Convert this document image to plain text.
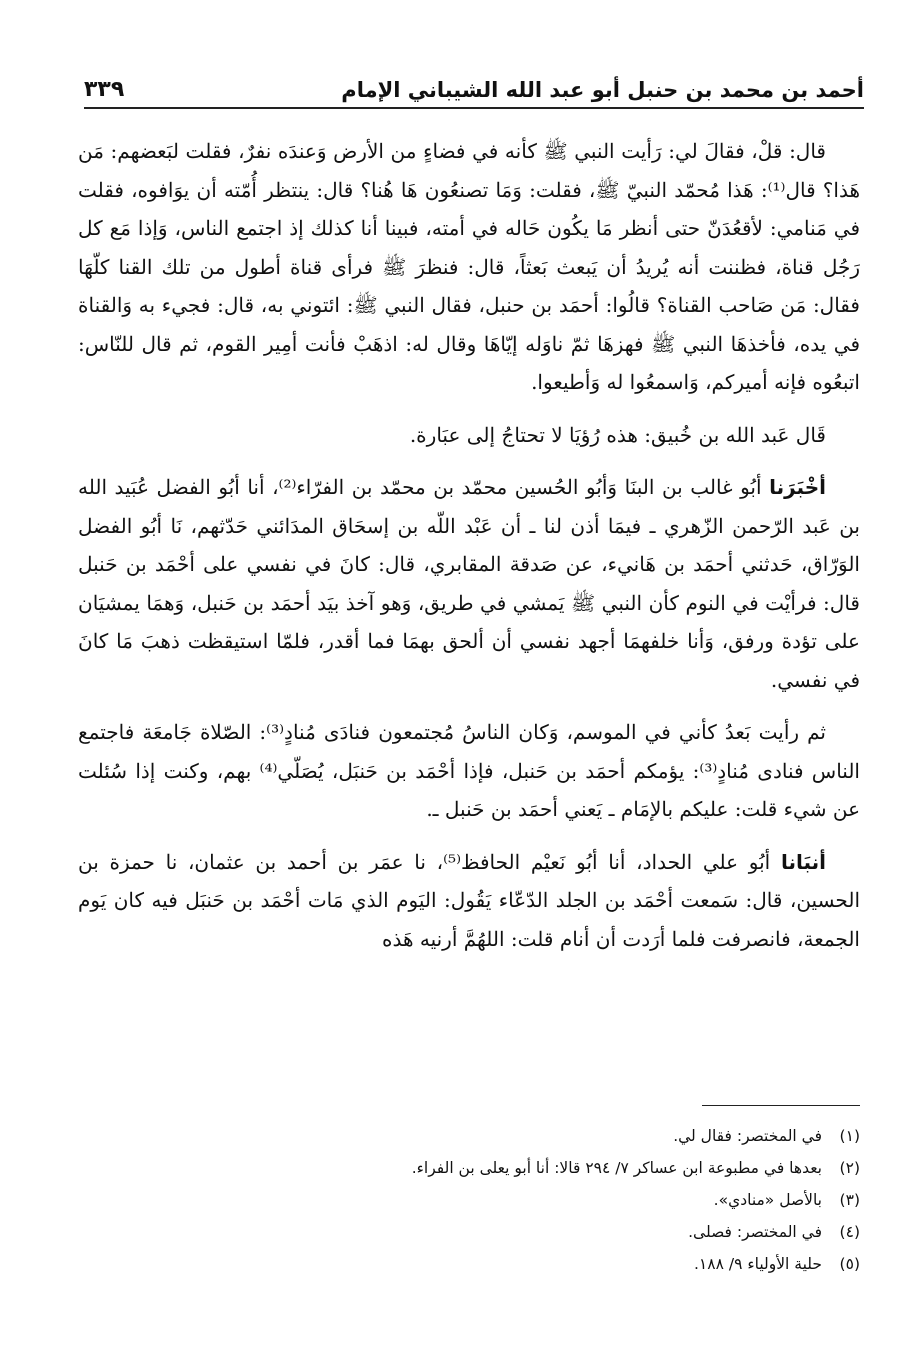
٣٣٩	أحمد بن محمد بن حنبل أبو عبد الله الشيباني الإمام

قال: قلْ، فقالَ لي: رَأيت النبي ﷺ كأنه في فضاءٍ من الأرض وَعندَه نفرٌ، فقلت لبَعضهم: مَن هَذا؟ قال⁽¹⁾: هَذا مُحمّد النبيّ ﷺ، فقلت: وَمَا تصنعُون هَا هُنا؟ قال: ينتظر أُمّته أن يوَافوه، فقلت في مَنامي: لأقعُدَنّ حتى أنظر مَا يكُون حَاله في أمته، فبينا أنا كذلك إذ اجتمع الناس، وَإذا مَع كل رَجُل قناة، فظننت أنه يُريدُ أن يَبعث بَعثاً، قال: فنظرَ ﷺ فرأى قناة أطول من تلك القنا كلّهَا فقال: مَن صَاحب القناة؟ قالُوا: أحمَد بن حنبل، فقال النبي ﷺ: ائتوني به، قال: فجيء به وَالقناة في يده، فأخذهَا النبي ﷺ فهزهَا ثمّ ناوَله إيّاهَا وقال له: اذهَبْ فأنت أمِير القوم، ثم قال للنّاس: اتبعُوه فإنه أميركم، وَاسمعُوا له وَأطيعوا.

قَال عَبد الله بن خُبيق: هذه رُؤيَا لا تحتاجُ إلى عبَارة.

أخْبَرَنا أبُو غالب بن البنَا وَأبُو الحُسين محمّد بن محمّد بن الفرّاء⁽²⁾، أنا أبُو الفضل عُبَيد الله بن عَبد الرّحمن الزّهري ـ فيمَا أذن لنا ـ أن عَبْد اللّه بن إسحَاق المدَائني حَدّثهم، نَا أبُو الفضل الوَرّاق، حَدثني أحمَد بن هَانيء، عن صَدقة المقابري، قال: كانَ في نفسي على أحْمَد بن حَنبل قال: فرأيْت في النوم كأن النبي ﷺ يَمشي في طريق، وَهو آخذ بيَد أحمَد بن حَنبل، وَهمَا يمشيَان على تؤدة ورفق، وَأنا خلفهمَا أجهد نفسي أن ألحق بهمَا فما أقدر، فلمّا استيقظت ذهبَ مَا كانَ في نفسي.

ثم رأيت بَعدُ كأني في الموسم، وَكان الناسُ مُجتمعون فنادَى مُنادٍ⁽³⁾: الصّلاة جَامعَة فاجتمع الناس فنادى مُنادٍ⁽³⁾: يؤمكم أحمَد بن حَنبل، فإذا أحْمَد بن حَنبَل، يُصَلّي⁽⁴⁾ بهم، وكنت إذا سُئلت عن شيء قلت: عليكم بالإمَام ـ يَعني أحمَد بن حَنبل ـ.

أنبَانا أبُو علي الحداد، أنا أبُو نَعيْم الحافظ⁽⁵⁾، نا عمَر بن أحمد بن عثمان، نا حمزة بن الحسين، قال: سَمعت أحْمَد بن الجلد الدّعّاء يَقُول: اليَوم الذي مَات أحْمَد بن حَنبَل فيه كان يَوم الجمعة، فانصرفت فلما أرَدت أن أنام قلت: اللهُمَّ أرنيه هَذه

(١)
في المختصر: فقال لي.
(٢)
بعدها في مطبوعة ابن عساكر ٧/ ٢٩٤ قالا: أنا أبو يعلى بن الفراء.
(٣)
بالأصل «منادي».
(٤)
في المختصر: فصلى.
(٥)
حلية الأولياء ٩/ ١٨٨.
